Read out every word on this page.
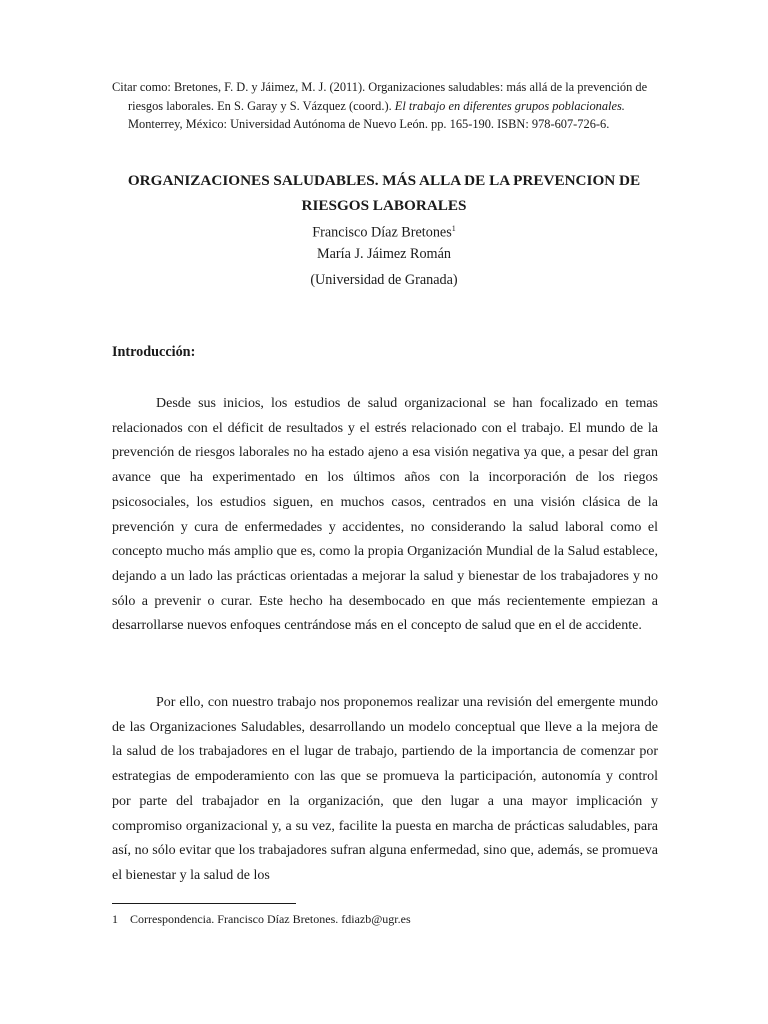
Citar como: Bretones, F. D. y Jáimez, M. J. (2011). Organizaciones saludables: más allá de la prevención de
riesgos laborales. En S. Garay y S. Vázquez (coord.). El trabajo en diferentes grupos poblacionales.
Monterrey, México: Universidad Autónoma de Nuevo León. pp. 165-190. ISBN: 978-607-726-6.
ORGANIZACIONES SALUDABLES. MÁS ALLA DE LA PREVENCION DE
RIESGOS LABORALES
Francisco Díaz Bretones$^1$
María J. Jáimez Román
(Universidad de Granada)
Introducción:

Desde sus inicios, los estudios de salud organizacional se han focalizado en temas relacionados con el déficit de resultados y el estrés relacionado con el trabajo. El mundo de la prevención de riesgos laborales no ha estado ajeno a esa visión negativa ya que, a pesar del gran avance que ha experimentado en los últimos años con la incorporación de los riegos psicosociales, los estudios siguen, en muchos casos, centrados en una visión clásica de la prevención y cura de enfermedades y accidentes, no considerando la salud laboral como el concepto mucho más amplio que es, como la propia Organización Mundial de la Salud establece, dejando a un lado las prácticas orientadas a mejorar la salud y bienestar de los trabajadores y no sólo a prevenir o curar. Este hecho ha desembocado en que más recientemente empiezan a desarrollarse nuevos enfoques centrándose más en el concepto de salud que en el de accidente.

Por ello, con nuestro trabajo nos proponemos realizar una revisión del emergente mundo de las Organizaciones Saludables, desarrollando un modelo conceptual que lleve a la mejora de la salud de los trabajadores en el lugar de trabajo, partiendo de la importancia de comenzar por estrategias de empoderamiento con las que se promueva la participación, autonomía y control por parte del trabajador en la organización, que den lugar a una mayor implicación y compromiso organizacional y, a su vez, facilite la puesta en marcha de prácticas saludables, para así, no sólo evitar que los trabajadores sufran alguna enfermedad, sino que, además, se promueva el bienestar y la salud de los

1 Correspondencia. Francisco Díaz Bretones. fdiazb@ugr.es
